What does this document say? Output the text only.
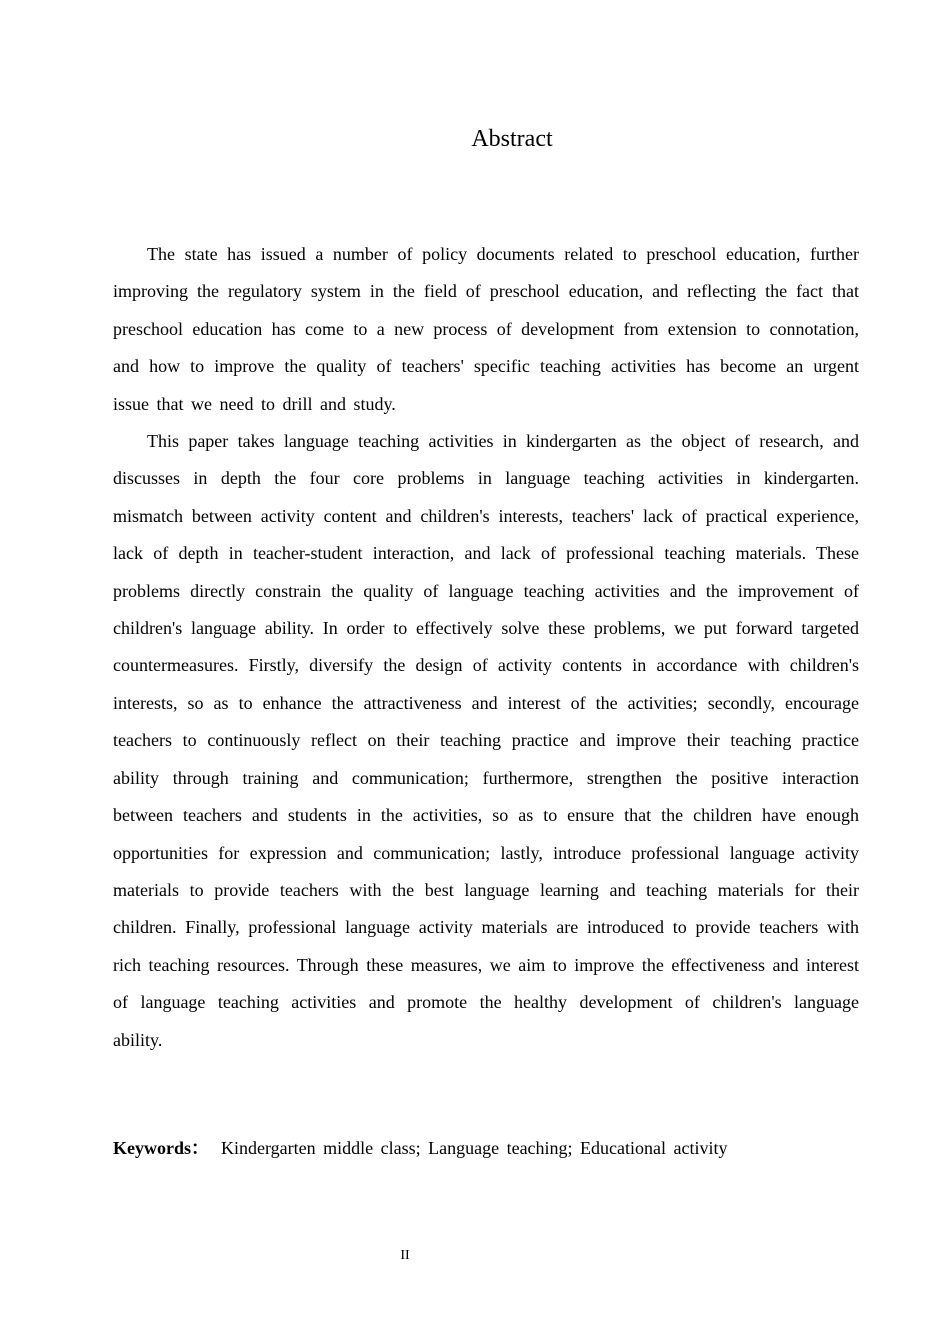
Abstract

The state has issued a number of policy documents related to preschool education, further improving the regulatory system in the field of preschool education, and reflecting the fact that preschool education has come to a new process of development from extension to connotation, and how to improve the quality of teachers' specific teaching activities has become an urgent issue that we need to drill and study.

This paper takes language teaching activities in kindergarten as the object of research, and discusses in depth the four core problems in language teaching activities in kindergarten. mismatch between activity content and children's interests, teachers' lack of practical experience, lack of depth in teacher-student interaction, and lack of professional teaching materials. These problems directly constrain the quality of language teaching activities and the improvement of children's language ability. In order to effectively solve these problems, we put forward targeted countermeasures. Firstly, diversify the design of activity contents in accordance with children's interests, so as to enhance the attractiveness and interest of the activities; secondly, encourage teachers to continuously reflect on their teaching practice and improve their teaching practice ability through training and communication; furthermore, strengthen the positive interaction between teachers and students in the activities, so as to ensure that the children have enough opportunities for expression and communication; lastly, introduce professional language activity materials to provide teachers with the best language learning and teaching materials for their children. Finally, professional language activity materials are introduced to provide teachers with rich teaching resources. Through these measures, we aim to improve the effectiveness and interest of language teaching activities and promote the healthy development of children's language ability.

Keywords： Kindergarten middle class; Language teaching; Educational activity

II
